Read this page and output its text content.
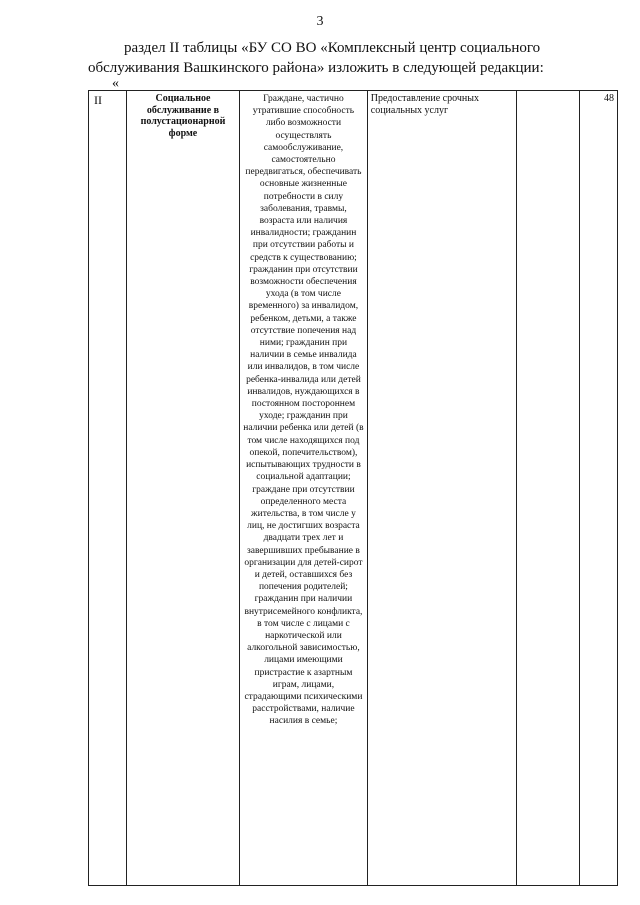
3

раздел II таблицы «БУ СО ВО «Комплексный центр социального
обслуживания Вашкинского района» изложить в следующей редакции:

«
II	Социальное обслуживание в полустационарной форме	Граждане, частично утратившие способность либо возможности осуществлять самообслуживание, самостоятельно передвигаться, обеспечивать основные жизненные потребности в силу заболевания, травмы, возраста или наличия инвалидности; гражданин при отсутствии работы и средств к существованию; гражданин при отсутствии возможности обеспечения ухода (в том числе временного) за инвалидом, ребенком, детьми, а также отсутствие попечения над ними; гражданин при наличии в семье инвалида или инвалидов, в том числе ребенка-инвалида или детей инвалидов, нуждающихся в постоянном постороннем уходе; гражданин при наличии ребенка или детей (в том числе находящихся под опекой, попечительством), испытывающих трудности в социальной адаптации; граждане при отсутствии определенного места жительства, в том числе у лиц, не достигших возраста двадцати трех лет и завершивших пребывание в организации для детей-сирот и детей, оставшихся без попечения родителей; гражданин при наличии внутрисемейного конфликта, в том числе с лицами с наркотической или алкогольной зависимостью, лицами имеющими пристрастие к азартным играм, лицами, страдающими психическими расстройствами, наличие насилия в семье;	Предоставление срочных социальных услуг		48
